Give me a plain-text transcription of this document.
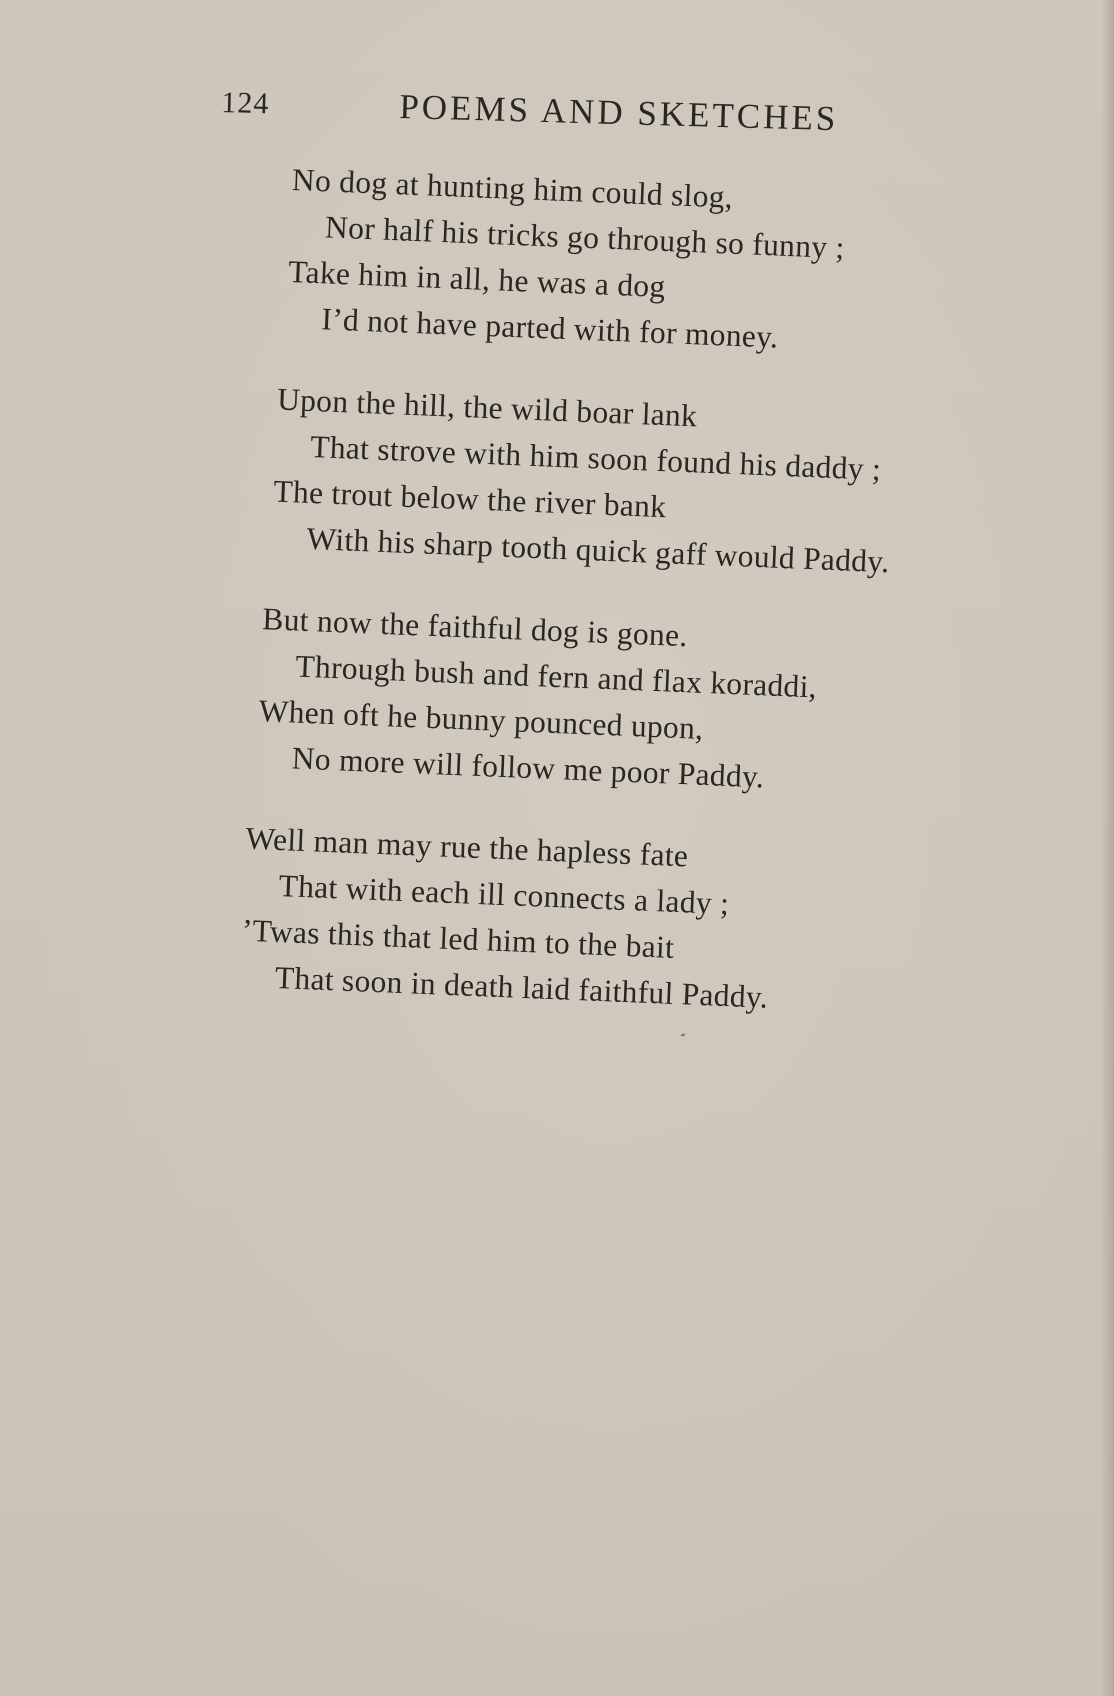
124	POEMS AND SKETCHES
No dog at hunting him could slog,
Nor half his tricks go through so funny ;
Take him in all, he was a dog
I’d not have parted with for money.
Upon the hill, the wild boar lank
That strove with him soon found his daddy ;
The trout below the river bank
With his sharp tooth quick gaff would Paddy.
But now the faithful dog is gone.
Through bush and fern and flax koraddi,
When oft he bunny pounced upon,
No more will follow me poor Paddy.
Well man may rue the hapless fate
That with each ill connects a lady ;
’Twas this that led him to the bait
That soon in death laid faithful Paddy.
